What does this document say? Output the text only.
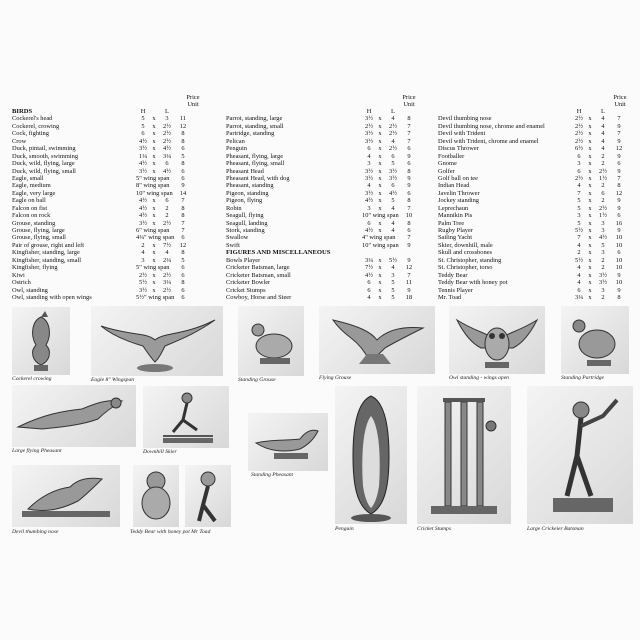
Price
Unit
Price
Unit
Price
Unit
BIRDS	H	L
Cockerel's head	5	x	3	11
Cockerel, crowing	5	x	2½	12
Cock, fighting	6	x	2½	8
Crow	4½ x	2½	8
Duck, pintail, swimming	3½ x	4½	6
Duck, smooth, swimming	1¼ x	3¼	5
Duck, wild, flying, large	4½ x	6	8
Duck, wild, flying, small	3½ x	4½	6
Eagle, small	5" wing span	6
Eagle, medium	8" wing span	9
Eagle, very large	10" wing span	14
Eagle on ball	4½ x	6	7
Falcon on fist	4½ x	2	8
Falcon on rock	4½ x	2	8
Grouse, standing	3½ x	2½	7
Grouse, flying, large	6" wing span	7
Grouse, flying, small	4¼" wing span	6
Pair of grouse, right and left	2	x	7½	12
Kingfisher, standing, large	4	x	4	8
Kingfisher, standing, small	3	x	2¼	5
Kingfisher, flying	5" wing span	6
Kiwi	2½ x	2½	6
Ostrich	5½ x	3¼	8
Owl, standing	3½ x	2½	6
Owl, standing with open wings	5½" wing span	6
H	L
Parrot, standing, large	3½ x	4	8
Parrot, standing, small	2½ x	2½	7
Partridge, standing	3½ x	2½	7
Pelican	3½ x	4	7
Penguin	6	x	2½	6
Pheasant, flying, large	4	x	6	9
Pheasant, flying, small	3	x	5	6
Pheasant Head	3½ x	3½	8
Pheasant Head, with dog	3½ x	3½	9
Pheasant, standing	4	x	6	9
Pigeon, standing	3½ x	4½	6
Pigeon, flying	4½ x	5	8
Robin	3	x	4	7
Seagull, flying	10" wing span	10
Seagull, landing	6	x	4	8
Stork, standing	4½ x	4	6
Swallow	4" wing span	7
Swift	10" wing span	9
FIGURES AND MISCELLANEOUS
Bowls Player	3¼ x	5½	9
Cricketer Batsman, large	7½ x	4	12
Cricketer Batsman, small	4½ x	3	7
Cricketer Bowler	6	x	5	11
Cricket Stumps	6	x	5	9
Cowboy, Horse and Steer	4	x	5	18
H	L
Devil thumbing nose	2½ x	4	7
Devil thumbing nose, chrome and enamel	2½ x	4	9
Devil with Trident	2½ x	4	7
Devil with Trident, chrome and enamel	2½ x	4	9
Discus Thrower	6½ x	4	12
Footballer	6	x	2	9
Gnome	3	x	2	6
Golfer	6	x	2½	9
Golf ball on tee	2½ x	1½	7
Indian Head	4	x	2	8
Javelin Thrower	7	x	6	12
Jockey standing	5	x	2	9
Leprechaun	5	x	2½	9
Mannikin Pis	3	x	1½	6
Palm Tree	5	x	3	16
Rugby Player	5½ x	3	9
Sailing Yacht	7	x	4½	10
Skier, downhill, male	4	x	5	10
Skull and crossbones	2	x	3	6
St. Christopher, standing	5½ x	2	10
St. Christopher, torso	4	x	2	10
Teddy Bear	4	x	3½	9
Teddy Bear with honey pot	4	x	3½	10
Tennis Player	6	x	3	9
Mr. Toad	3¼ x	2	8
Cockerel crowing	Eagle 8" Wingspan	Standing Grouse	Flying Grouse	Owl standing - wings open	Standing Partridge
Large flying Pheasant	Downhill Skier
Standing Pheasant
Penguin	Cricket Stumps	Large Crickeier Batsman
Devil thumbing nose	Teddy Bear with honey pot Mr Toad
